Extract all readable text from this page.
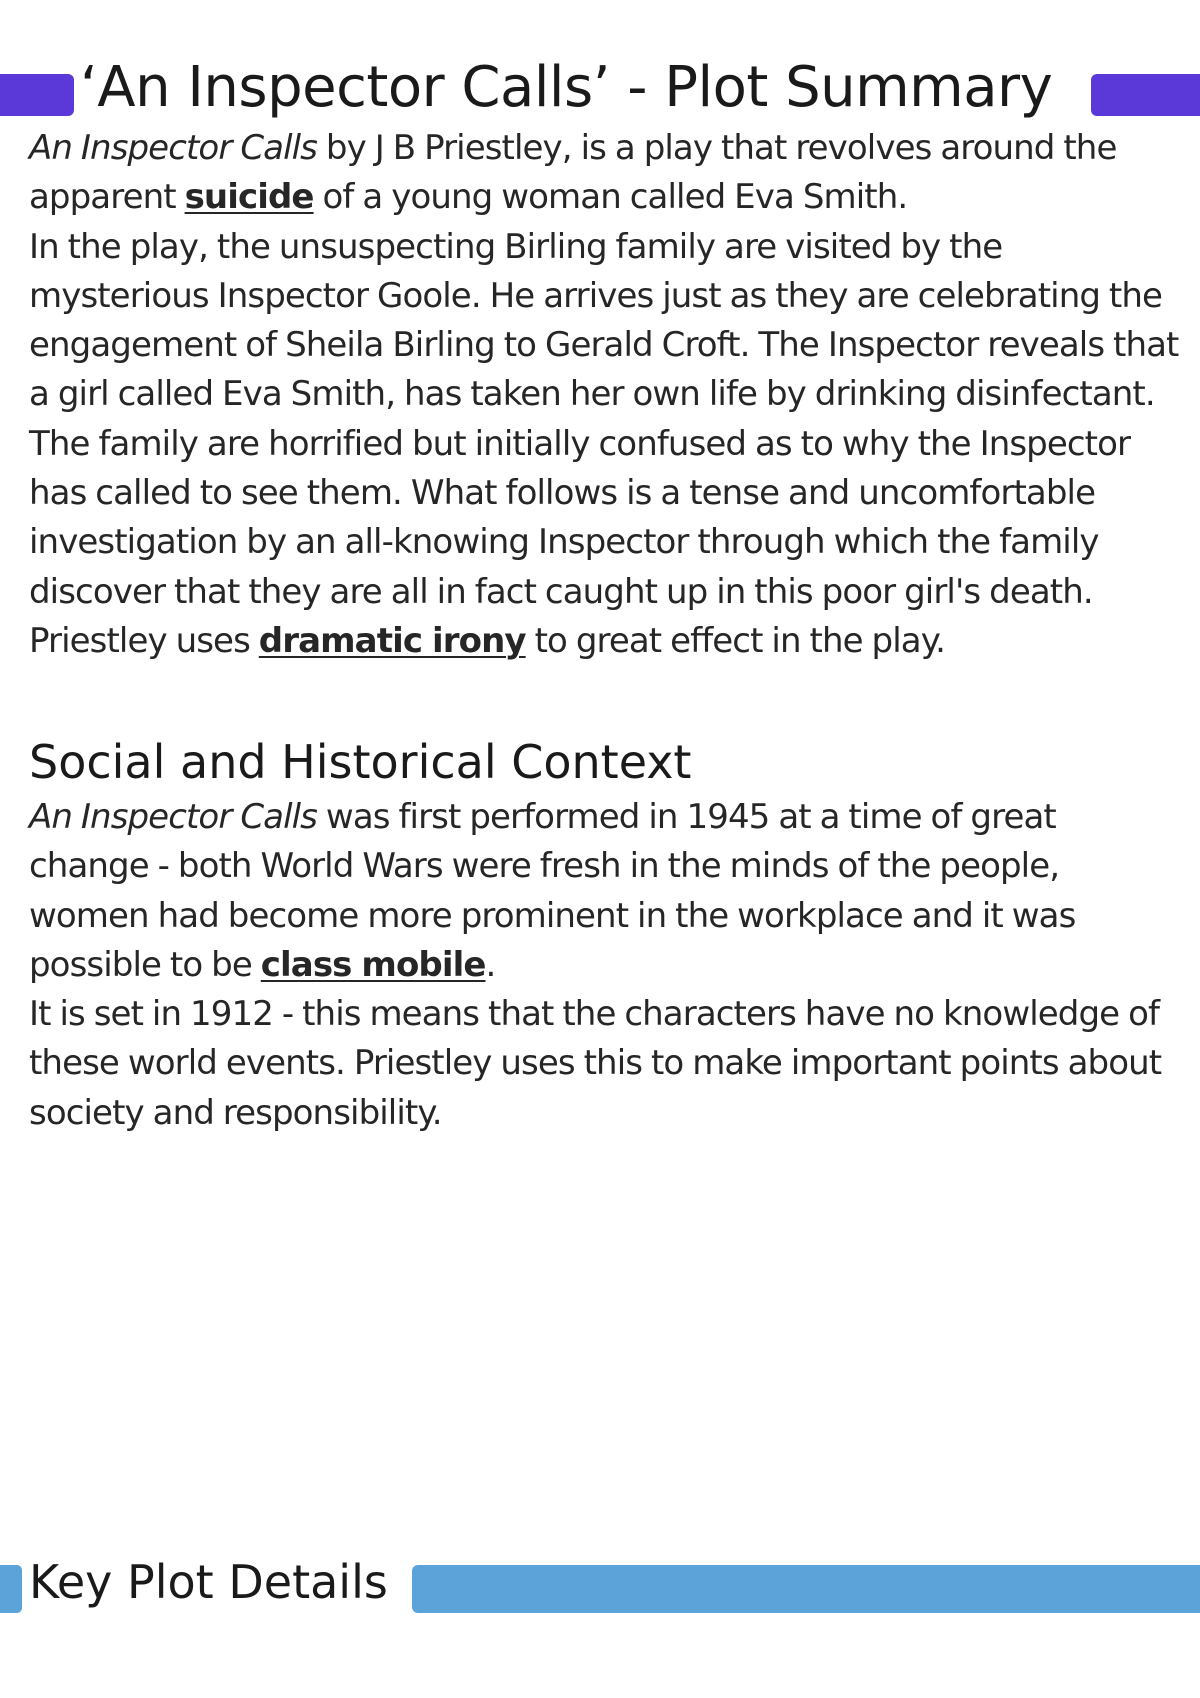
‘An Inspector Calls’ - Plot Summary

An Inspector Calls by J B Priestley, is a play that revolves around the apparent suicide of a young woman called Eva Smith.

In the play, the unsuspecting Birling family are visited by the mysterious Inspector Goole. He arrives just as they are celebrating the engagement of Sheila Birling to Gerald Croft. The Inspector reveals that a girl called Eva Smith, has taken her own life by drinking disinfectant. The family are horrified but initially confused as to why the Inspector has called to see them. What follows is a tense and uncomfortable investigation by an all-knowing Inspector through which the family discover that they are all in fact caught up in this poor girl's death.

Priestley uses dramatic irony to great effect in the play.

Social and Historical Context

An Inspector Calls was first performed in 1945 at a time of great change - both World Wars were fresh in the minds of the people, women had become more prominent in the workplace and it was possible to be class mobile.

It is set in 1912 - this means that the characters have no knowledge of these world events. Priestley uses this to make important points about society and responsibility.

Key Plot Details
